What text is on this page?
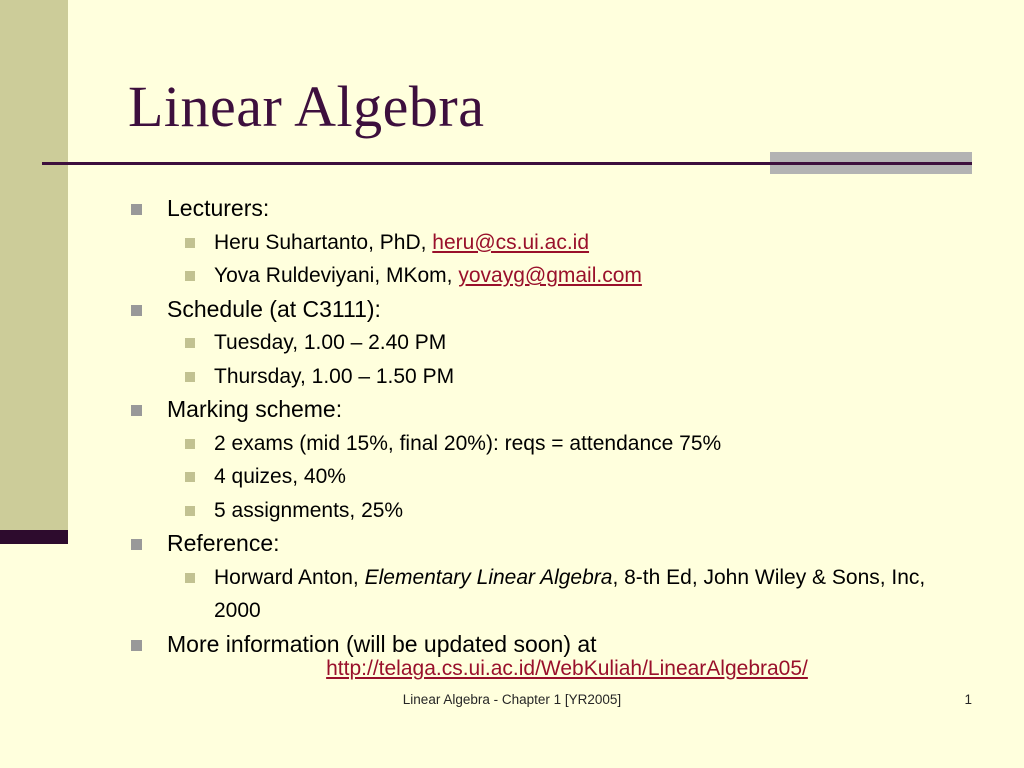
Linear Algebra
Lecturers:
Heru Suhartanto, PhD, heru@cs.ui.ac.id
Yova Ruldeviyani, MKom, yovayg@gmail.com
Schedule (at C3111):
Tuesday, 1.00 – 2.40 PM
Thursday, 1.00 – 1.50 PM
Marking scheme:
2 exams (mid 15%, final 20%): reqs = attendance 75%
4 quizes, 40%
5 assignments, 25%
Reference:
Horward Anton, Elementary Linear Algebra, 8-th Ed, John Wiley & Sons, Inc, 2000
More information (will be updated soon) at
http://telaga.cs.ui.ac.id/WebKuliah/LinearAlgebra05/
Linear Algebra - Chapter 1 [YR2005]	1
